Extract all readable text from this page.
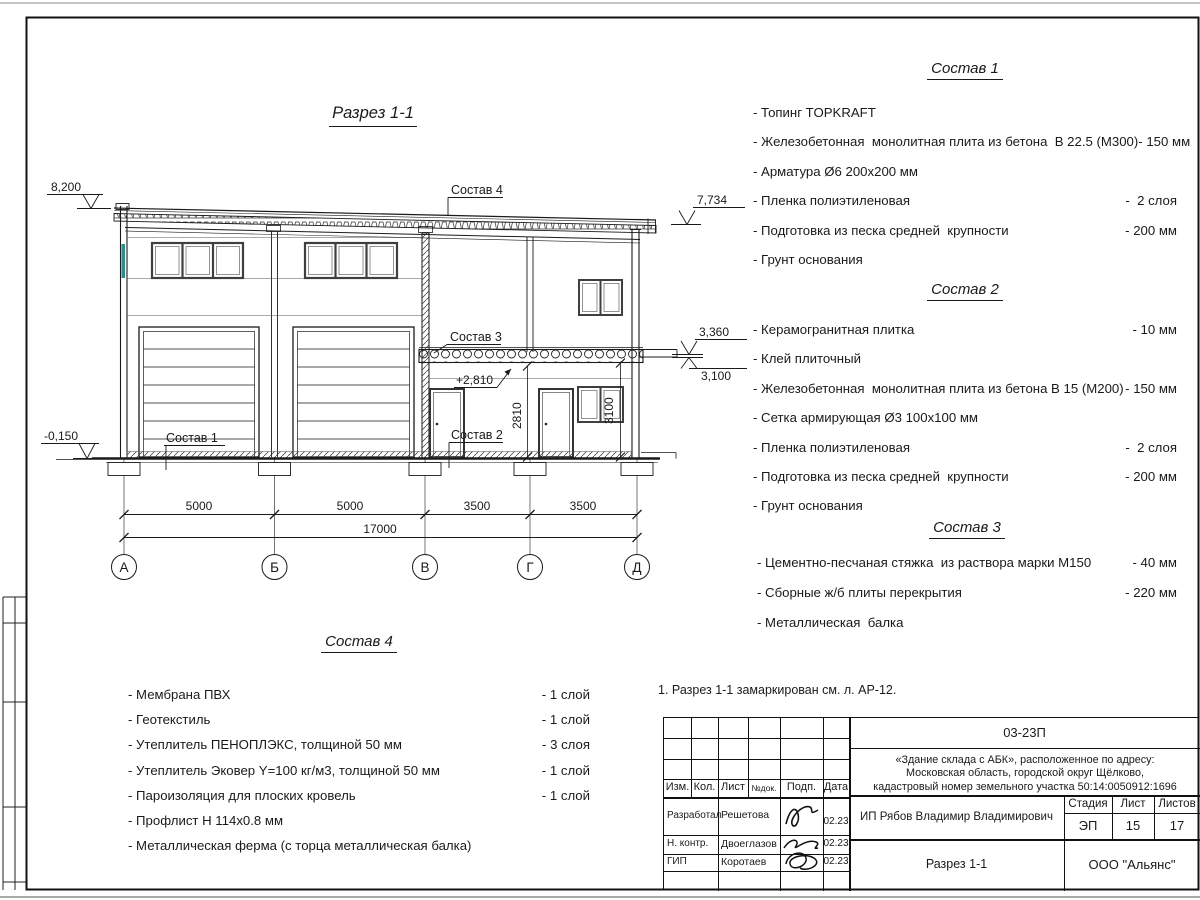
5000	5000	3500	3500
17000
2810	3100
А	Б	В	Г	Д
8,200
-0,150
7,734
3,360
3,100
+2,810
Состав 1	Состав 2
Состав 3
Состав 4
Разрез 1-1
Состав 1
- Топинг TOPKRAFT
- Железобетонная  монолитная плита из бетона  В 22.5 (М300) - 150 мм
- Арматура Ø6 200х200 мм
- Пленка полиэтиленовая	-  2 слоя
- Подготовка из песка средней  крупности	- 200 мм
- Грунт основания
Состав 2
- Керамогранитная плитка	- 10 мм
- Клей плиточный
- Железобетонная  монолитная плита из бетона В 15 (М200) - 150 мм
- Сетка армирующая Ø3 100х100 мм
- Пленка полиэтиленовая	-  2 слоя
- Подготовка из песка средней  крупности	- 200 мм
- Грунт основания
Состав 3
- Цементно-песчаная стяжка  из раствора марки М150	- 40 мм
- Сборные ж/б плиты перекрытия	- 220 мм
- Металлическая  балка
Состав 4
- Мембрана ПВХ	- 1 слой
- Геотекстиль	- 1 слой
- Утеплитель ПЕНОПЛЭКС, толщиной 50 мм	- 3 слоя
- Утеплитель Эковер Y=100 кг/м3, толщиной 50 мм	- 1 слой
- Пароизоляция для плоских кровель	- 1 слой
- Профлист Н 114х0.8 мм
- Металлическая ферма (с торца металлическая балка)
1. Разрез 1-1 замаркирован см. л. АР-12.
Изм. Кол. Лист №док. Подп. Дата
Разработал Решетова	02.23
Н. контр.	Двоеглазов	02.23
ГИП	Коротаев	02.23
03-23П
«Здание склада с АБК», расположенное по адресу:
Московская область, городской округ Щёлково,
кадастровый номер земельного участка 50:14:0050912:1696
ИП Рябов Владимир Владимирович
Стадия	Лист	Листов
ЭП	15	17
Разрез 1-1	ООО "Альянс"
